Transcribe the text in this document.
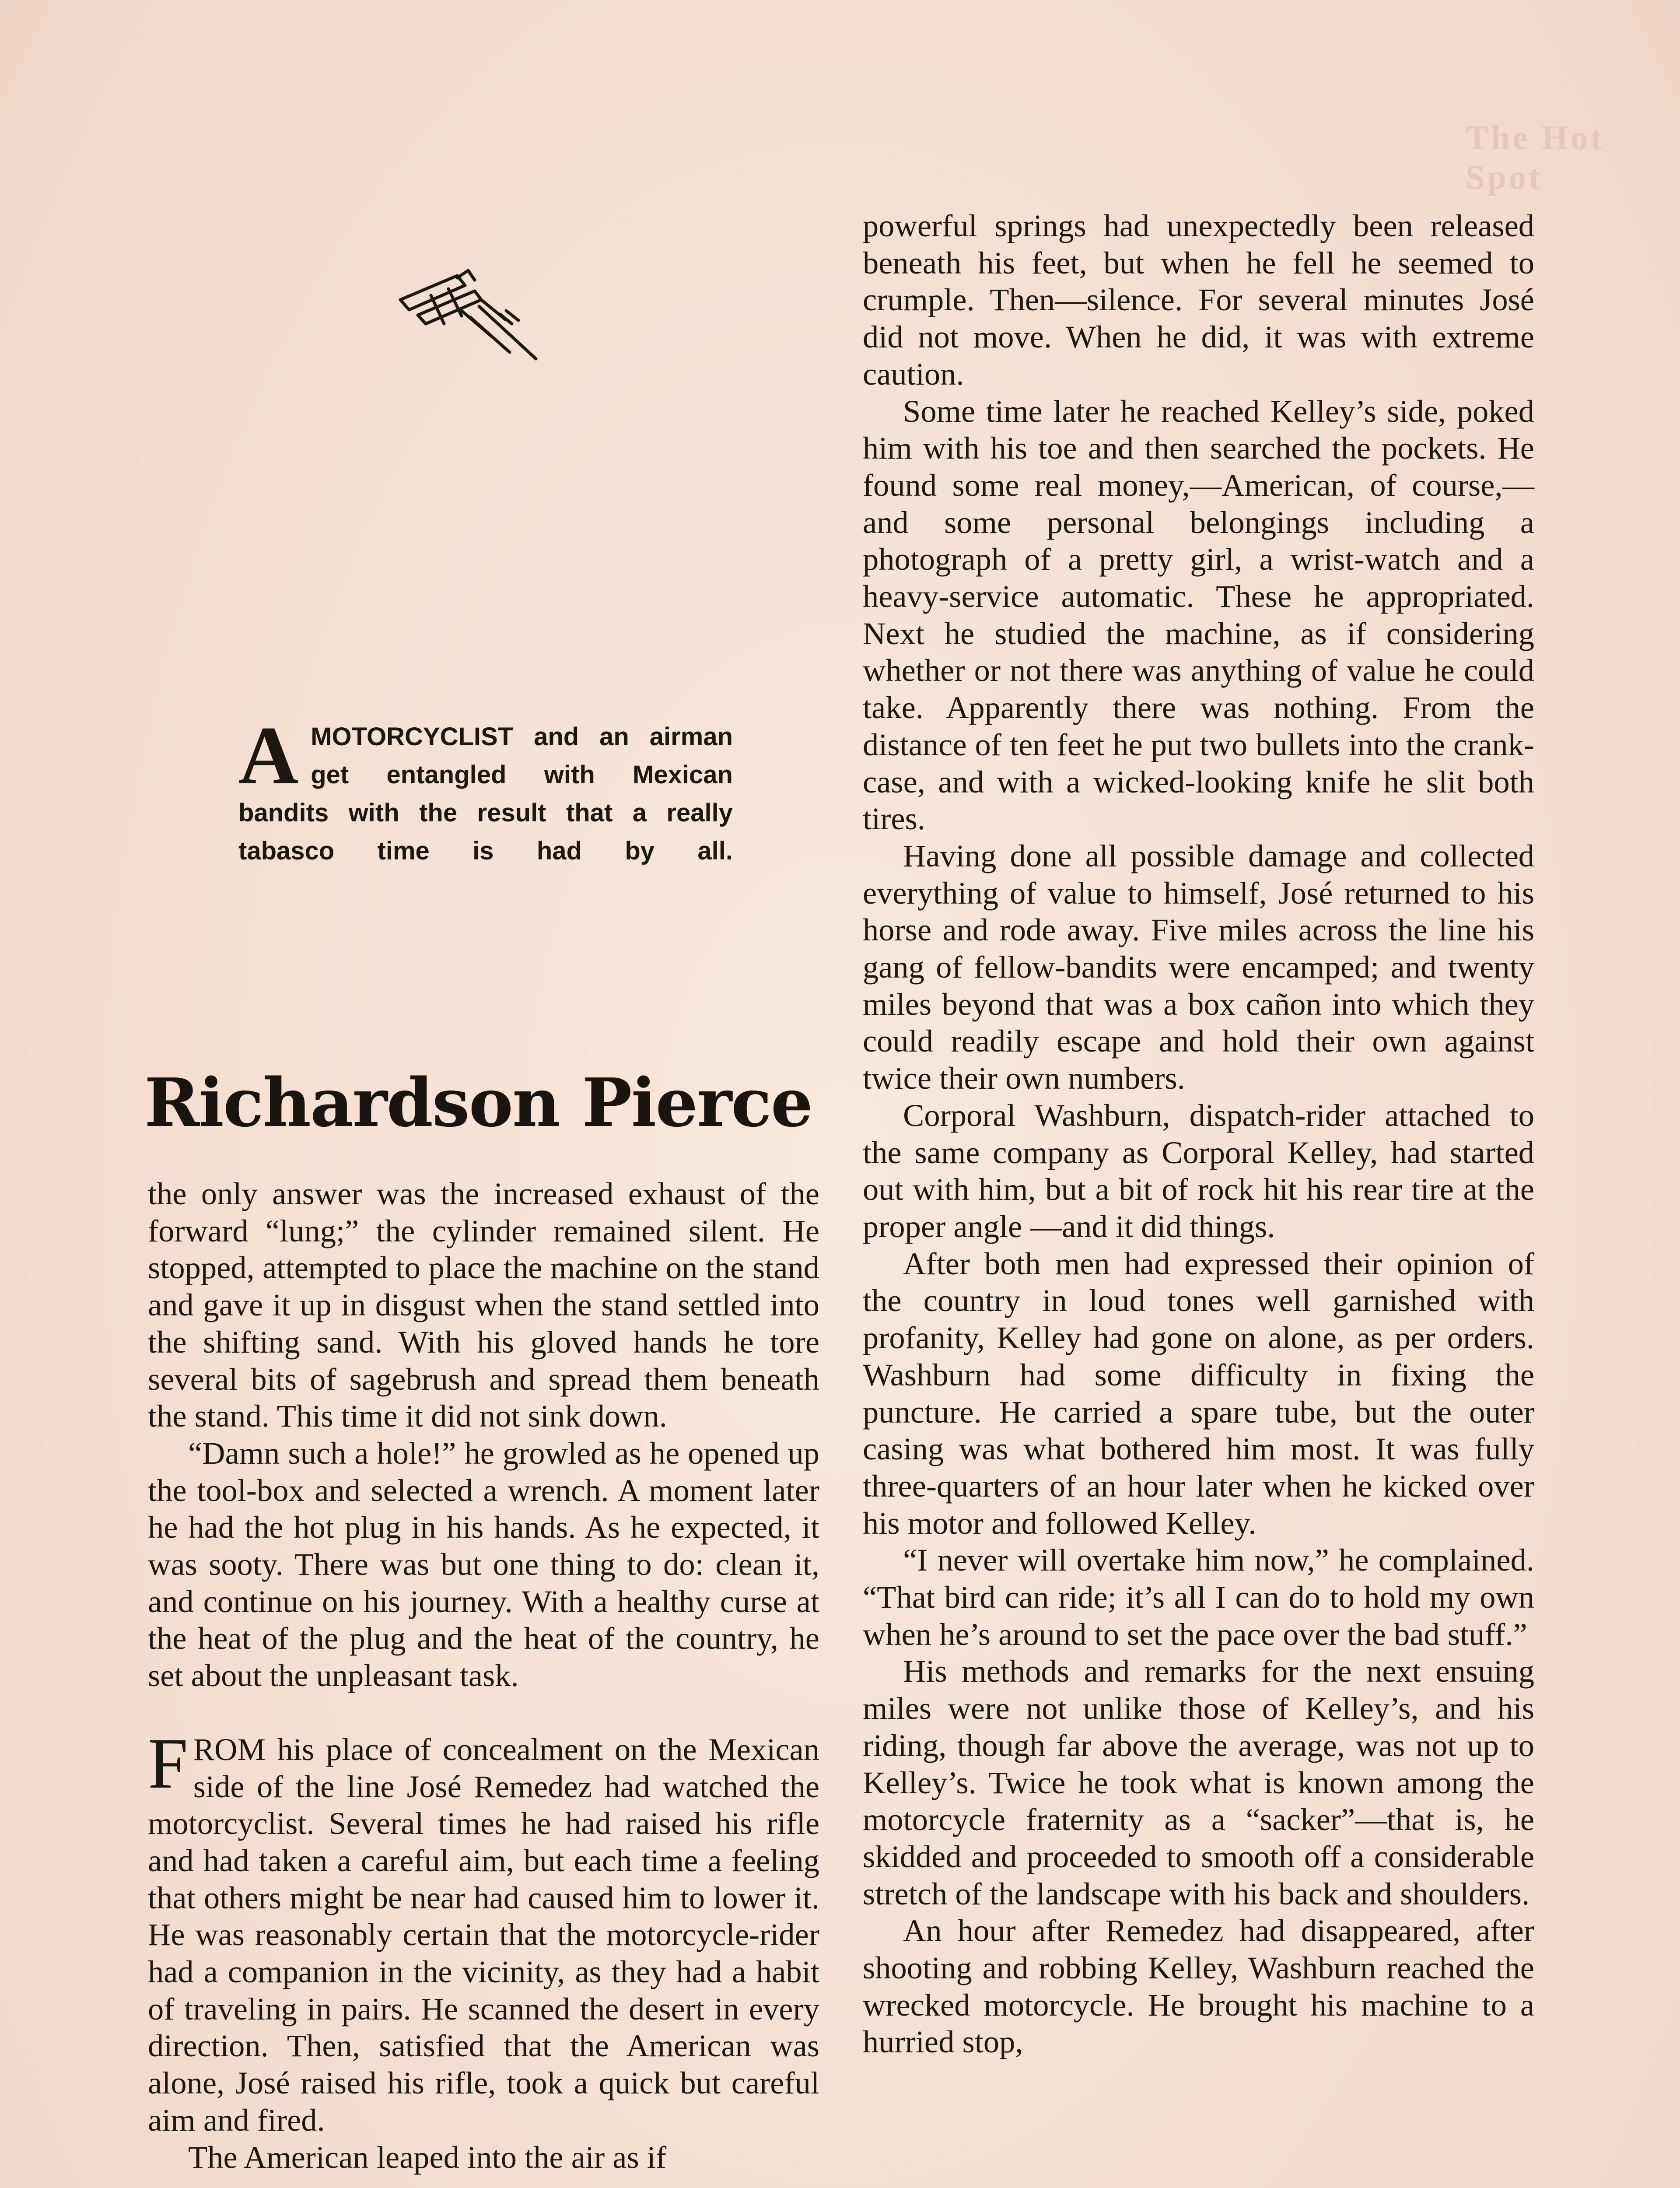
The Hot Spot
A MOTORCYCLIST and an airman get entangled with Mexican bandits with the result that a really tabasco time is had by all.
Richardson Pierce

the only answer was the increased exhaust of the forward “lung;” the cylinder remained silent. He stopped, attempted to place the machine on the stand and gave it up in disgust when the stand settled into the shifting sand. With his gloved hands he tore several bits of sagebrush and spread them beneath the stand. This time it did not sink down.

“Damn such a hole!” he growled as he opened up the tool-box and selected a wrench. A moment later he had the hot plug in his hands. As he expected, it was sooty. There was but one thing to do: clean it, and continue on his journey. With a healthy curse at the heat of the plug and the heat of the country, he set about the unpleasant task.

FROM his place of concealment on the Mexican side of the line José Remedez had watched the motorcyclist. Several times he had raised his rifle and had taken a careful aim, but each time a feeling that others might be near had caused him to lower it. He was reasonably certain that the motorcycle-rider had a companion in the vicinity, as they had a habit of traveling in pairs. He scanned the desert in every direction. Then, satisfied that the American was alone, José raised his rifle, took a quick but careful aim and fired.

The American leaped into the air as if

powerful springs had unexpectedly been released beneath his feet, but when he fell he seemed to crumple. Then—silence. For several minutes José did not move. When he did, it was with extreme caution.

Some time later he reached Kelley’s side, poked him with his toe and then searched the pockets. He found some real money,—American, of course,—and some personal belongings including a photograph of a pretty girl, a wrist-watch and a heavy-service automatic. These he appropriated. Next he studied the machine, as if considering whether or not there was anything of value he could take. Apparently there was nothing. From the distance of ten feet he put two bullets into the crank-case, and with a wicked-looking knife he slit both tires.

Having done all possible damage and collected everything of value to himself, José returned to his horse and rode away. Five miles across the line his gang of fellow-bandits were encamped; and twenty miles beyond that was a box cañon into which they could readily escape and hold their own against twice their own numbers.

Corporal Washburn, dispatch-rider attached to the same company as Corporal Kelley, had started out with him, but a bit of rock hit his rear tire at the proper angle —and it did things.

After both men had expressed their opinion of the country in loud tones well garnished with profanity, Kelley had gone on alone, as per orders. Washburn had some difficulty in fixing the puncture. He carried a spare tube, but the outer casing was what bothered him most. It was fully three-quarters of an hour later when he kicked over his motor and followed Kelley.

“I never will overtake him now,” he complained. “That bird can ride; it’s all I can do to hold my own when he’s around to set the pace over the bad stuff.”

His methods and remarks for the next ensuing miles were not unlike those of Kelley’s, and his riding, though far above the average, was not up to Kelley’s. Twice he took what is known among the motorcycle fraternity as a “sacker”—that is, he skidded and proceeded to smooth off a considerable stretch of the landscape with his back and shoulders.

An hour after Remedez had disappeared, after shooting and robbing Kelley, Washburn reached the wrecked motorcycle. He brought his machine to a hurried stop,
